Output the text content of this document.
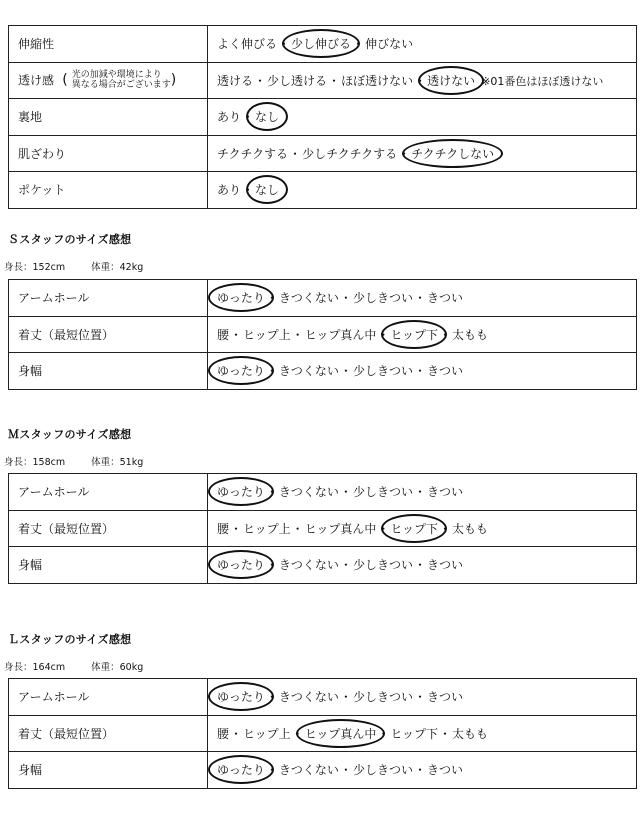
伸縮性	よく伸びる・少し伸びる・伸びない
透け感  ( 光の加減や環境により
異なる場合がございます)	透ける・少し透ける・ほぼ透けない・透けない ※01番色はほぼ透けない
裏地	あり・なし
肌ざわり	チクチクする・少しチクチクする・チクチクしない
ポケット	あり・なし
Ｓスタッフのサイズ感想
身長：152cm	体重：42kg
アームホール	ゆったり・きつくない・少しきつい・きつい
着丈（最短位置）	腰・ヒップ上・ヒップ真ん中・ヒップ下・太もも
身幅	ゆったり・きつくない・少しきつい・きつい
Ｍスタッフのサイズ感想
身長：158cm	体重：51kg
アームホール	ゆったり・きつくない・少しきつい・きつい
着丈（最短位置）	腰・ヒップ上・ヒップ真ん中・ヒップ下・太もも
身幅	ゆったり・きつくない・少しきつい・きつい
Ｌスタッフのサイズ感想
身長：164cm	体重：60kg
アームホール	ゆったり・きつくない・少しきつい・きつい
着丈（最短位置）	腰・ヒップ上・ヒップ真ん中・ヒップ下・太もも
身幅	ゆったり・きつくない・少しきつい・きつい
